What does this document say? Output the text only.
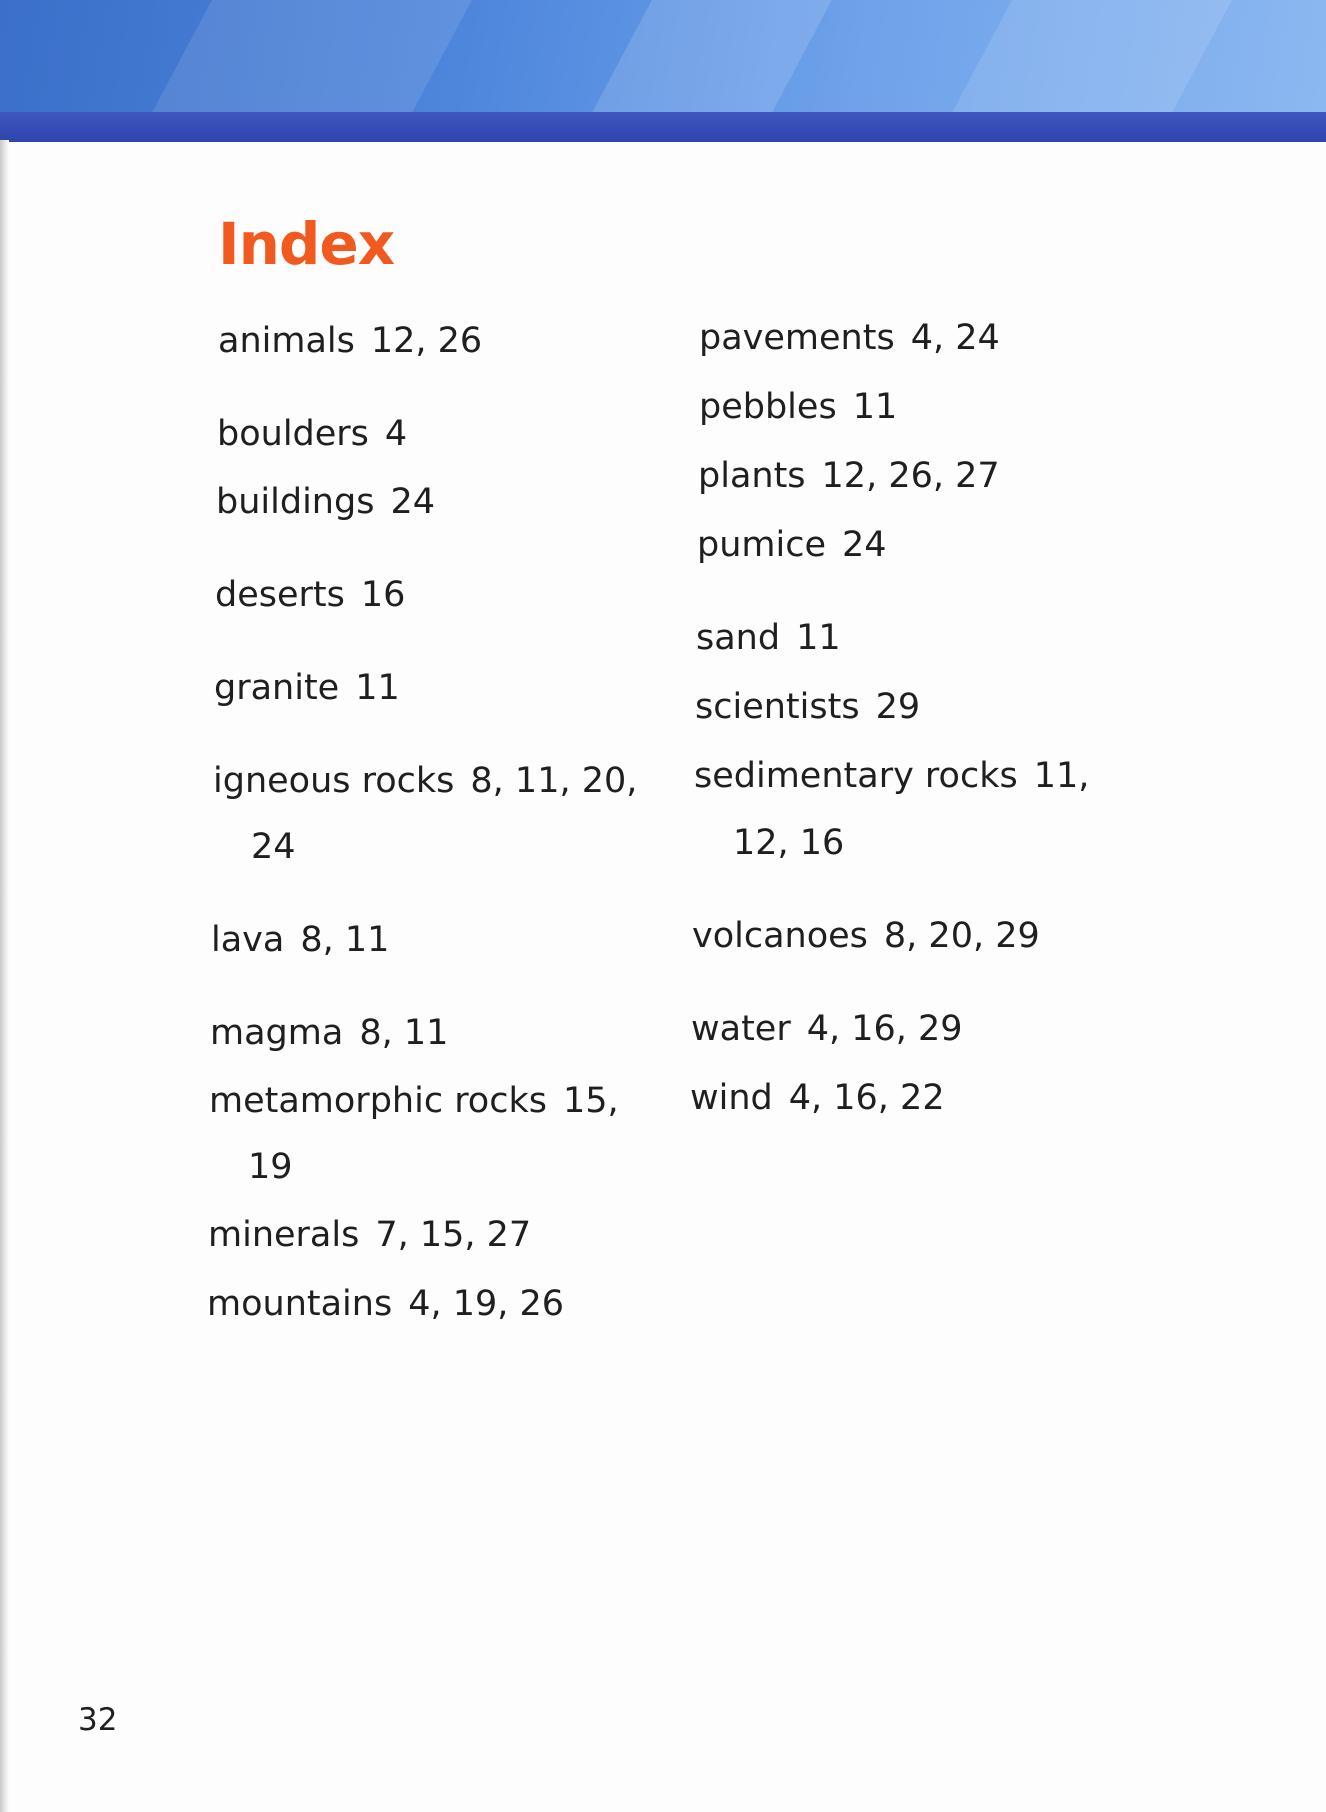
Index
animals 12, 26
boulders 4
buildings 24
deserts 16
granite 11
igneous rocks 8, 11, 20,
24
lava 8, 11
magma 8, 11
metamorphic rocks 15,
19
minerals 7, 15, 27
mountains 4, 19, 26
pavements 4, 24
pebbles 11
plants 12, 26, 27
pumice 24
sand 11
scientists 29
sedimentary rocks 11,
12, 16
volcanoes 8, 20, 29
water 4, 16, 29
wind 4, 16, 22
32
